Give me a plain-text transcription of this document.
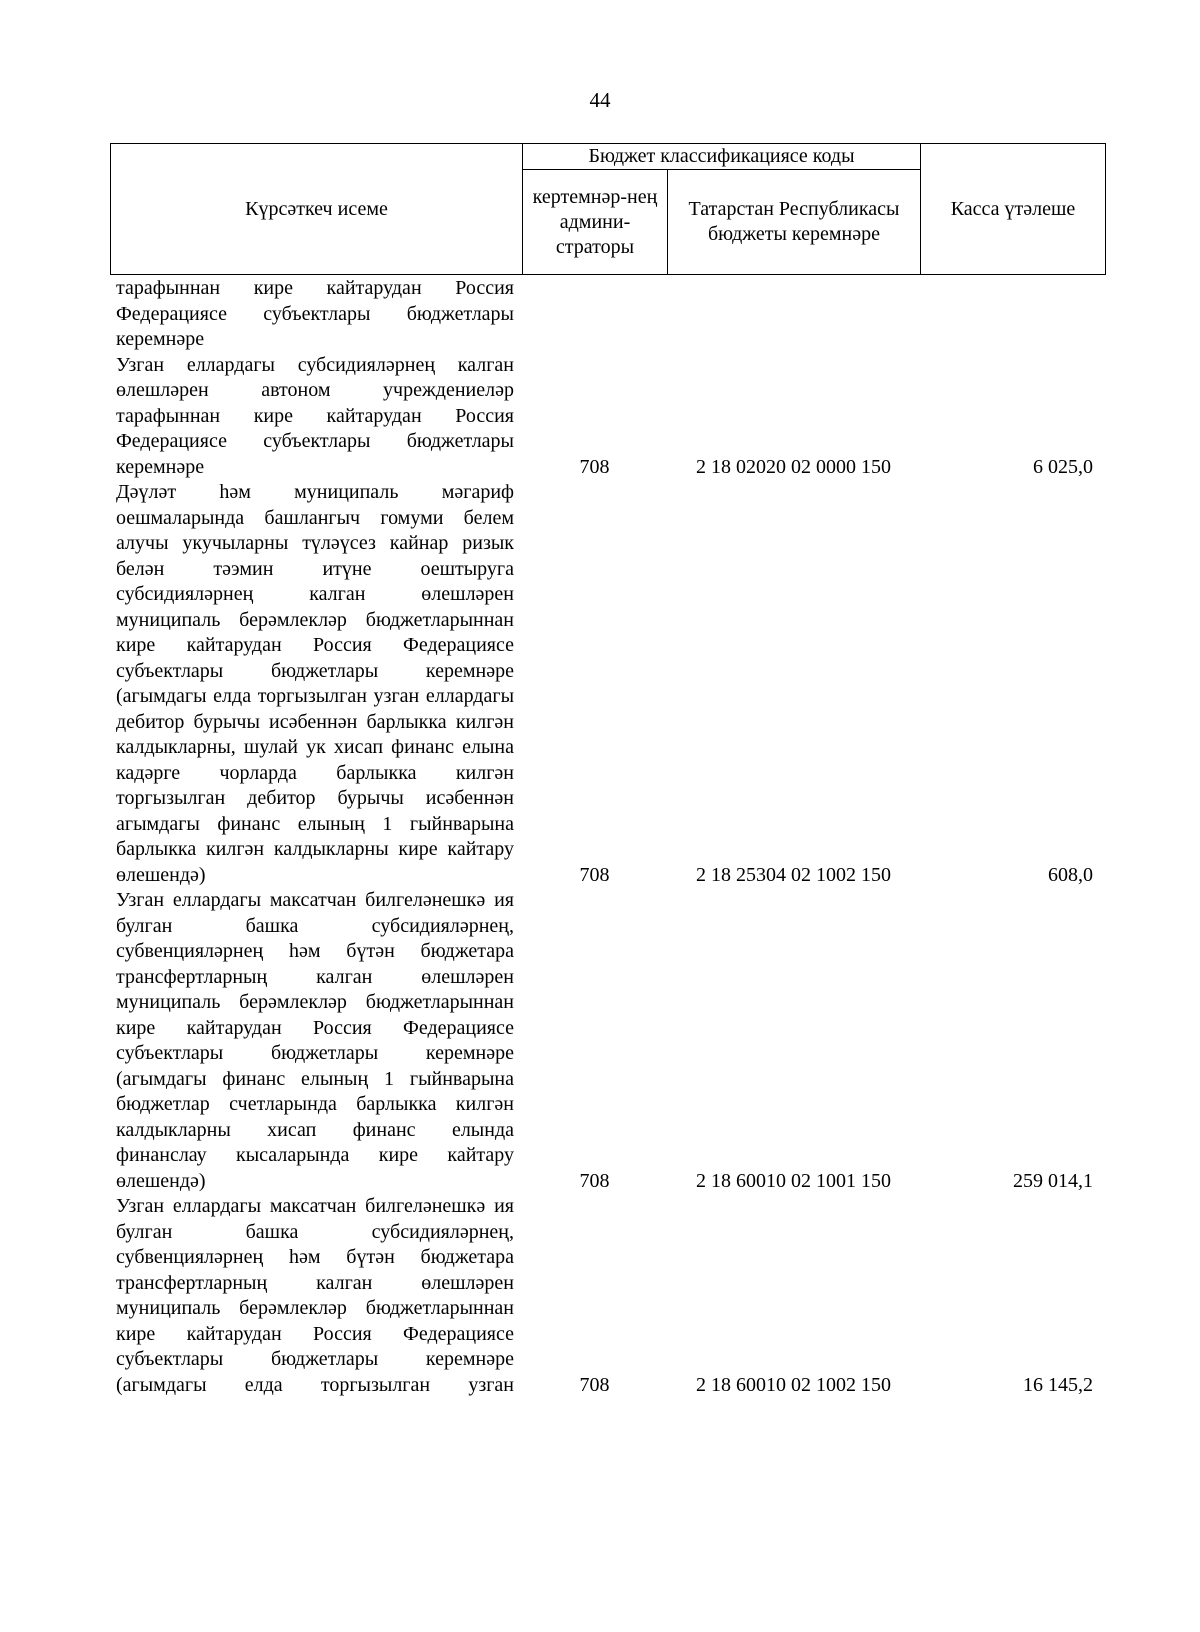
44
Күрсәткеч исеме	Бюджет классификациясе коды		Касса үтәлеше
	кертемнәр-нең админи-страторы	Татарстан Республикасы бюджеты керемнәре	
тарафыннан кире кайтарудан Россия Федерациясе субъектлары бюджетлары керемнәре			
Узган еллардагы субсидияләрнең калган өлешләрен автоном учреждениеләр тарафыннан кире кайтарудан Россия Федерациясе субъектлары бюджетлары керемнәре	708	2 18 02020 02 0000 150	6 025,0
Дәүләт һәм муниципаль мәгариф оешмаларында башлангыч гомуми белем алучы укучыларны түләүсез кайнар ризык белән тәэмин итүне оештыруга субсидияләрнең калган өлешләрен муниципаль берәмлекләр бюджетларыннан кире кайтарудан Россия Федерациясе субъектлары бюджетлары керемнәре (агымдагы елда торгызылган узган еллардагы дебитор бурычы исәбеннән барлыкка килгән калдыкларны, шулай ук хисап финанс елына кадәрге чорларда барлыкка килгән торгызылган дебитор бурычы исәбеннән агымдагы финанс елының 1 гыйнварына барлыкка килгән калдыкларны кире кайтару өлешендә)	708	2 18 25304 02 1002 150	608,0
Узган еллардагы максатчан билгеләнешкә ия булган башка субсидияләрнең, субвенцияләрнең һәм бүтән бюджетара трансфертларның калган өлешләрен муниципаль берәмлекләр бюджетларыннан кире кайтарудан Россия Федерациясе субъектлары бюджетлары керемнәре (агымдагы финанс елының 1 гыйнварына бюджетлар счетларында барлыкка килгән калдыкларны хисап финанс елында финанслау кысаларында кире кайтару өлешендә)	708	2 18 60010 02 1001 150	259 014,1
Узган еллардагы максатчан билгеләнешкә ия булган башка субсидияләрнең, субвенцияләрнең һәм бүтән бюджетара трансфертларның калган өлешләрен муниципаль берәмлекләр бюджетларыннан кире кайтарудан Россия Федерациясе субъектлары бюджетлары керемнәре (агымдагы елда торгызылган узган	708	2 18 60010 02 1002 150	16 145,2
